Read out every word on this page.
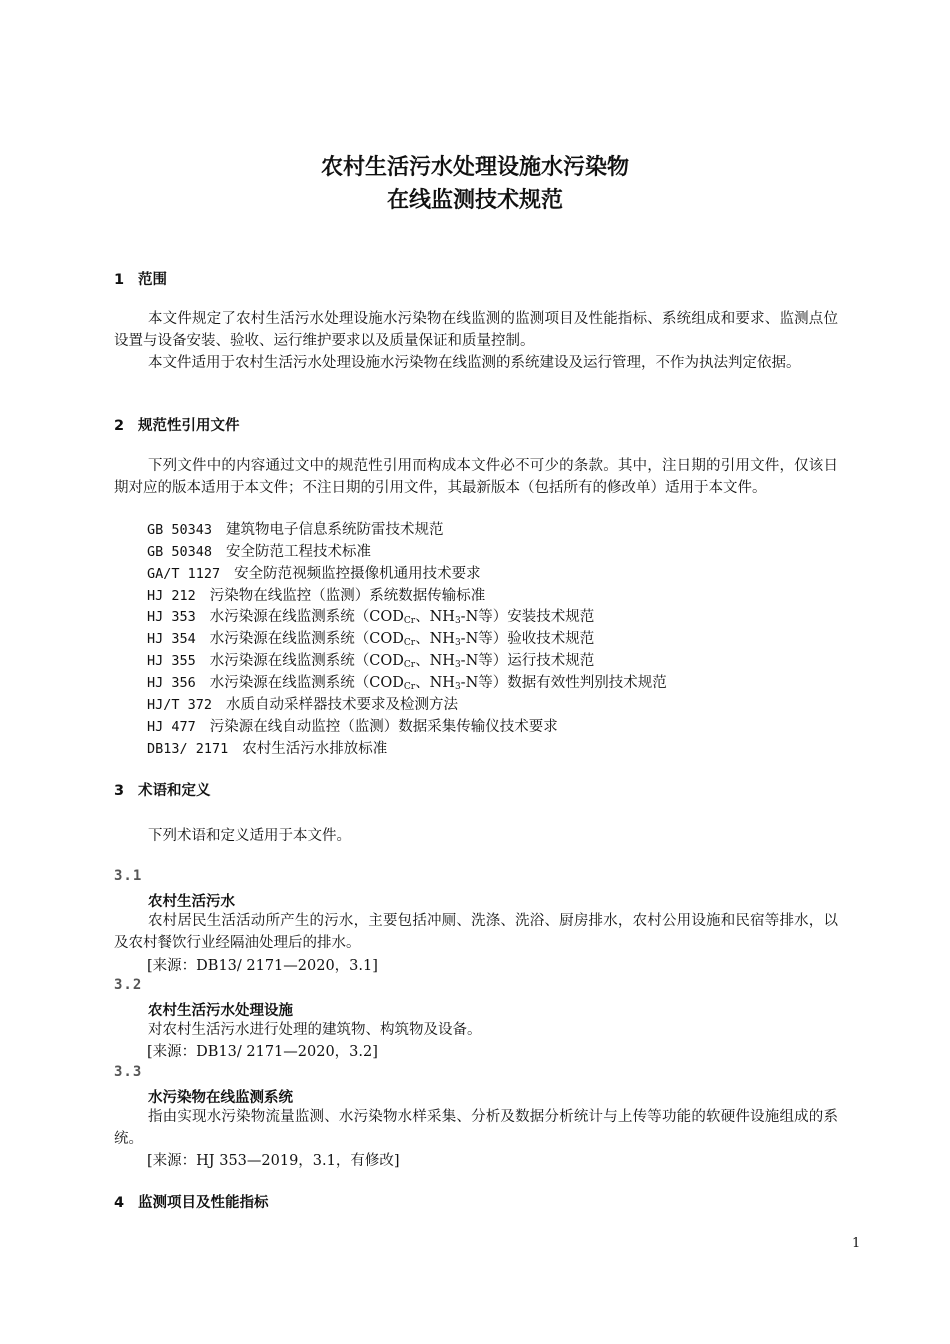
农村生活污水处理设施水污染物
在线监测技术规范
1 范围
本文件规定了农村生活污水处理设施水污染物在线监测的监测项目及性能指标、系统组成和要求、监测点位设置与设备安装、验收、运行维护要求以及质量保证和质量控制。
本文件适用于农村生活污水处理设施水污染物在线监测的系统建设及运行管理，不作为执法判定依据。
2 规范性引用文件
下列文件中的内容通过文中的规范性引用而构成本文件必不可少的条款。其中，注日期的引用文件，仅该日期对应的版本适用于本文件；不注日期的引用文件，其最新版本（包括所有的修改单）适用于本文件。
GB 50343 建筑物电子信息系统防雷技术规范
GB 50348 安全防范工程技术标准
GA/T 1127 安全防范视频监控摄像机通用技术要求
HJ 212 污染物在线监控（监测）系统数据传输标准
HJ 353 水污染源在线监测系统（$COD_{Cr}$、$NH_3-N$等）安装技术规范
HJ 354 水污染源在线监测系统（$COD_{Cr}$、$NH_3-N$等）验收技术规范
HJ 355 水污染源在线监测系统（$COD_{Cr}$、$NH_3-N$等）运行技术规范
HJ 356 水污染源在线监测系统（$COD_{Cr}$、$NH_3-N$等）数据有效性判别技术规范
HJ/T 372 水质自动采样器技术要求及检测方法
HJ 477 污染源在线自动监控（监测）数据采集传输仪技术要求
DB13/ 2171 农村生活污水排放标准
3 术语和定义
下列术语和定义适用于本文件。
3.1
农村生活污水
农村居民生活活动所产生的污水，主要包括冲厕、洗涤、洗浴、厨房排水，农村公用设施和民宿等排水，以及农村餐饮行业经隔油处理后的排水。
[来源：DB13/ 2171—2020，3.1]
3.2
农村生活污水处理设施
对农村生活污水进行处理的建筑物、构筑物及设备。
[来源：DB13/ 2171—2020，3.2]
3.3
水污染物在线监测系统
指由实现水污染物流量监测、水污染物水样采集、分析及数据分析统计与上传等功能的软硬件设施组成的系统。
[来源：HJ 353—2019，3.1，有修改]
4 监测项目及性能指标
1
